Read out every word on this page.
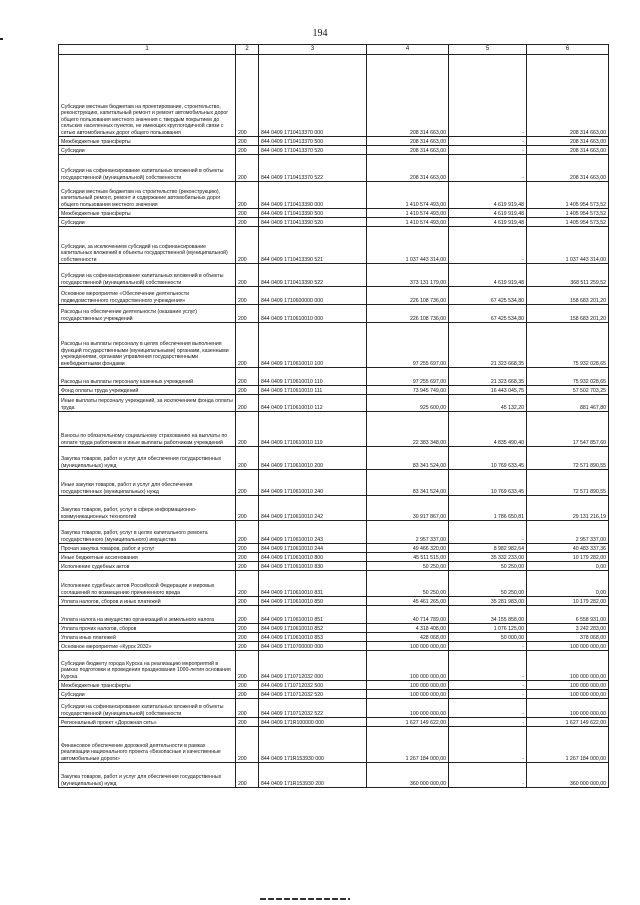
194
1	2	3	4	5	6

Субсидии местным бюджетам на проектирование, строительство, реконструкцию, капитальный ремонт и ремонт автомобильных дорог общего пользования местного значения с твердым покрытием до сельских населенных пунктов, не имеющих круглогодичной связи с сетью автомобильных дорог общего пользования	200	844 0409 1710413370 000	208 314 663,00	-	208 314 663,00

Межбюджетные трансферты	200	844 0409 1710413370 500	208 314 663,00	-	208 314 663,00

Субсидии	200	844 0409 1710413370 520	208 314 663,00	-	208 314 663,00

Субсидии на софинансирование капитальных вложений в объекты государственной (муниципальной) собственности	200	844 0409 1710413370 522	208 314 663,00	-	208 314 663,00

Субсидии местным бюджетам на строительство (реконструкцию), капитальный ремонт, ремонт и содержание автомобильных дорог общего пользования местного значения	200	844 0409 1710413390 000	1 410 574 493,00	4 619 919,48	1 405 954 573,52

Межбюджетные трансферты	200	844 0409 1710413390 500	1 410 574 493,00	4 619 919,48	1 405 954 573,52

Субсидии	200	844 0409 1710413390 520	1 410 574 493,00	4 619 919,48	1 405 954 573,52

Субсидии, за исключением субсидий на софинансирование капитальных вложений в объекты государственной (муниципальной) собственности	200	844 0409 1710413390 521	1 037 443 314,00	-	1 037 443 314,00

Субсидии на софинансирование капитальных вложений в объекты государственной (муниципальной) собственности	200	844 0409 1710413390 522	373 131 179,00	4 619 919,48	368 511 259,52

Основное мероприятие «Обеспечение деятельности подведомственного государственного учреждения»	200	844 0409 1710600000 000	226 108 736,00	67 425 534,80	158 683 201,20

Расходы на обеспечение деятельности (оказание услуг) государственных учреждений	200	844 0409 1710610010 000	226 108 736,00	67 425 534,80	158 683 201,20

Расходы на выплаты персоналу в целях обеспечения выполнения функций государственными (муниципальными) органами, казенными учреждениями, органами управления государственными внебюджетными фондами	200	844 0409 1710610010 100	97 255 697,00	21 323 668,35	75 932 028,65

Расходы на выплаты персоналу казенных учреждений	200	844 0409 1710610010 110	97 255 697,00	21 323 668,35	75 932 028,65

Фонд оплаты труда учреждений	200	844 0409 1710610010 111	73 945 749,00	16 443 045,75	57 502 703,25

Иные выплаты персоналу учреждений, за исключением фонда оплаты труда	200	844 0409 1710610010 112	925 600,00	45 132,20	881 467,80

Взносы по обязательному социальному страхованию на выплаты по оплате труда работников и иные выплаты работникам учреждений	200	844 0409 1710610010 119	22 383 348,00	4 835 490,40	17 547 857,60

Закупка товаров, работ и услуг для обеспечения государственных (муниципальных) нужд	200	844 0409 1710610010 200	83 341 524,00	10 769 633,45	72 571 890,55

Иные закупки товаров, работ и услуг для обеспечения государственных (муниципальных) нужд	200	844 0409 1710610010 240	83 341 524,00	10 769 633,45	72 571 890,55

Закупка товаров, работ, услуг в сфере информационно-коммуникационных технологий	200	844 0409 1710610010 242	30 917 867,00	1 786 650,81	29 131 216,19

Закупка товаров, работ, услуг в целях капитального ремонта государственного (муниципального) имущества	200	844 0409 1710610010 243	2 957 337,00	-	2 957 337,00

Прочая закупка товаров, работ и услуг	200	844 0409 1710610010 244	49 466 320,00	8 982 982,64	40 483 337,36

Иные бюджетные ассигнования	200	844 0409 1710610010 800	45 511 515,00	35 332 233,00	10 179 282,00

Исполнение судебных актов	200	844 0409 1710610010 830	50 250,00	50 250,00	0,00

Исполнение судебных актов Российской Федерации и мировых соглашений по возмещению причиненного вреда	200	844 0409 1710610010 831	50 250,00	50 250,00	0,00

Уплата налогов, сборов и иных платежей	200	844 0409 1710610010 850	45 461 265,00	35 281 983,00	10 179 282,00

Уплата налога на имущество организаций и земельного налога	200	844 0409 1710610010 851	40 714 789,00	34 155 858,00	6 558 931,00

Уплата прочих налогов, сборов	200	844 0409 1710610010 852	4 318 408,00	1 076 125,00	3 242 283,00

Уплата иных платежей	200	844 0409 1710610010 853	428 068,00	50 000,00	378 068,00

Основное мероприятие «Курск 2032»	200	844 0409 1710700000 000	100 000 000,00	-	100 000 000,00

Субсидии бюджету города Курска на реализацию мероприятий в рамках подготовки и проведения празднования 1000-летия основания Курска	200	844 0409 1710712032 000	100 000 000,00	-	100 000 000,00

Межбюджетные трансферты	200	844 0409 1710712032 500	100 000 000,00	-	100 000 000,00

Субсидии	200	844 0409 1710712032 520	100 000 000,00	-	100 000 000,00

Субсидии на софинансирование капитальных вложений в объекты государственной (муниципальной) собственности	200	844 0409 1710712032 522	100 000 000,00	-	100 000 000,00

Региональный проект «Дорожная сеть»	200	844 0409 171R100000 000	1 627 149 622,00	-	1 627 149 622,00

Финансовое обеспечение дорожной деятельности в рамках реализации национального проекта «Безопасные и качественные автомобильные дороги»	200	844 0409 171R153930 000	1 267 184 000,00	-	1 267 184 000,00

Закупка товаров, работ и услуг для обеспечения государственных (муниципальных) нужд	200	844 0409 171R153930 200	360 000 000,00	-	360 000 000,00
